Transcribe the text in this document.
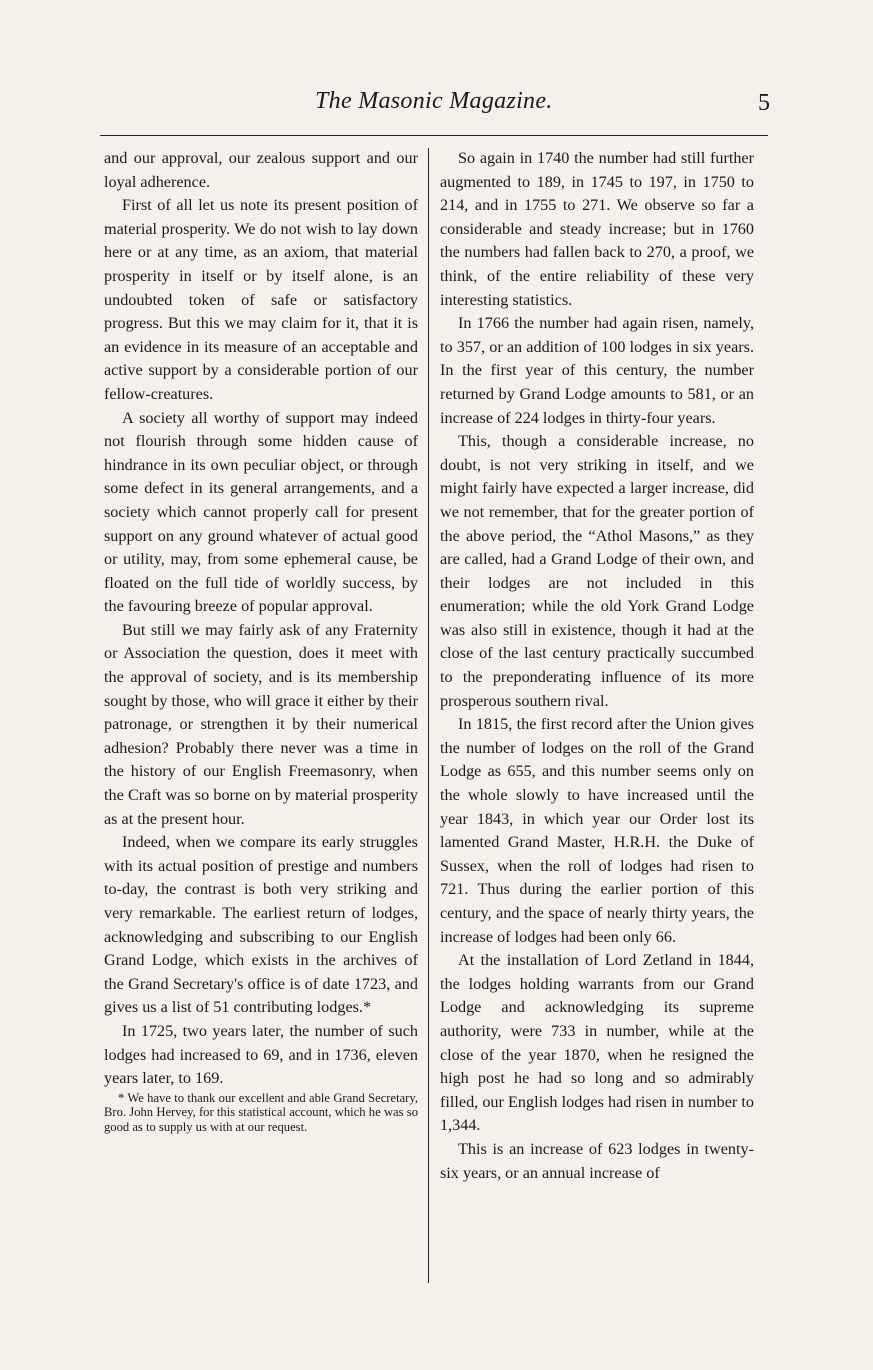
The Masonic Magazine.	5

and our approval, our zealous support and our loyal adherence.

First of all let us note its present position of material prosperity. We do not wish to lay down here or at any time, as an axiom, that material prosperity in itself or by itself alone, is an undoubted token of safe or satisfactory progress. But this we may claim for it, that it is an evidence in its measure of an acceptable and active support by a considerable portion of our fellow-creatures.

A society all worthy of support may indeed not flourish through some hidden cause of hindrance in its own peculiar object, or through some defect in its general arrangements, and a society which cannot properly call for present support on any ground whatever of actual good or utility, may, from some ephemeral cause, be floated on the full tide of worldly success, by the favouring breeze of popular approval.

But still we may fairly ask of any Fraternity or Association the question, does it meet with the approval of society, and is its membership sought by those, who will grace it either by their patronage, or strengthen it by their numerical adhesion? Probably there never was a time in the history of our English Freemasonry, when the Craft was so borne on by material prosperity as at the present hour.

Indeed, when we compare its early struggles with its actual position of prestige and numbers to-day, the contrast is both very striking and very remarkable. The earliest return of lodges, acknowledging and subscribing to our English Grand Lodge, which exists in the archives of the Grand Secretary's office is of date 1723, and gives us a list of 51 contributing lodges.*

In 1725, two years later, the number of such lodges had increased to 69, and in 1736, eleven years later, to 169.

* We have to thank our excellent and able Grand Secretary, Bro. John Hervey, for this statistical account, which he was so good as to supply us with at our request.

So again in 1740 the number had still further augmented to 189, in 1745 to 197, in 1750 to 214, and in 1755 to 271. We observe so far a considerable and steady increase; but in 1760 the numbers had fallen back to 270, a proof, we think, of the entire reliability of these very interesting statistics.

In 1766 the number had again risen, namely, to 357, or an addition of 100 lodges in six years. In the first year of this century, the number returned by Grand Lodge amounts to 581, or an increase of 224 lodges in thirty-four years.

This, though a considerable increase, no doubt, is not very striking in itself, and we might fairly have expected a larger increase, did we not remember, that for the greater portion of the above period, the “Athol Masons,” as they are called, had a Grand Lodge of their own, and their lodges are not included in this enumeration; while the old York Grand Lodge was also still in existence, though it had at the close of the last century practically succumbed to the preponderating influence of its more prosperous southern rival.

In 1815, the first record after the Union gives the number of lodges on the roll of the Grand Lodge as 655, and this number seems only on the whole slowly to have increased until the year 1843, in which year our Order lost its lamented Grand Master, H.R.H. the Duke of Sussex, when the roll of lodges had risen to 721. Thus during the earlier portion of this century, and the space of nearly thirty years, the increase of lodges had been only 66.

At the installation of Lord Zetland in 1844, the lodges holding warrants from our Grand Lodge and acknowledging its supreme authority, were 733 in number, while at the close of the year 1870, when he resigned the high post he had so long and so admirably filled, our English lodges had risen in number to 1,344.

This is an increase of 623 lodges in twenty-six years, or an annual increase of
